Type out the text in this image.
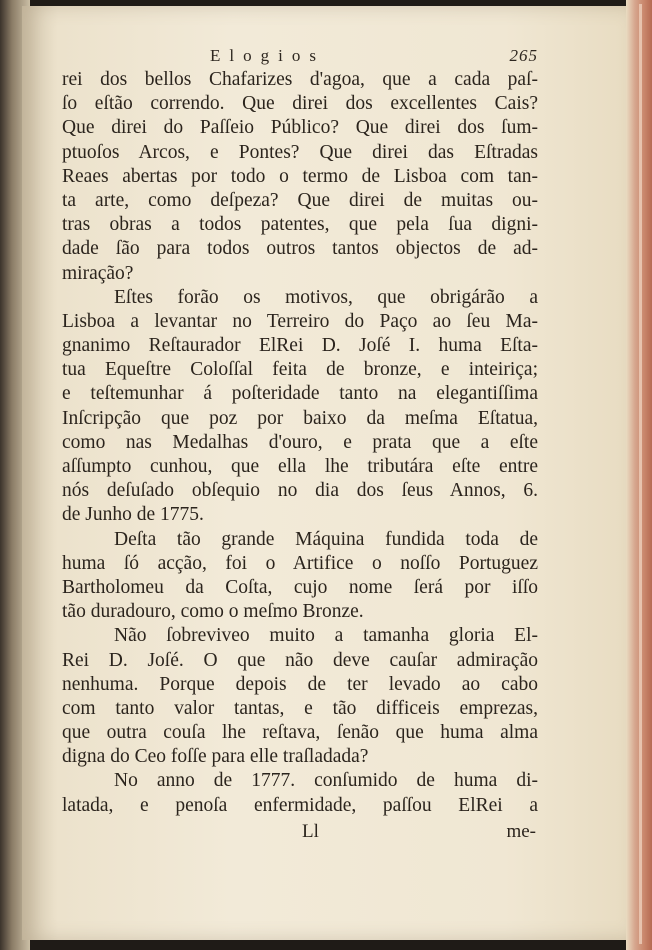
Elogios	265
rei dos bellos Chafarizes d'agoa, que a cada paſ-
ſo eſtão correndo. Que direi dos excellentes Cais?
Que direi do Paſſeio Público? Que direi dos ſum-
ptuoſos Arcos, e Pontes? Que direi das Eſtradas
Reaes abertas por todo o termo de Lisboa com tan-
ta arte, como deſpeza? Que direi de muitas ou-
tras obras a todos patentes, que pela ſua digni-
dade ſão para todos outros tantos objectos de ad-
miração?
Eſtes forão os motivos, que obrigárão a
Lisboa a levantar no Terreiro do Paço ao ſeu Ma-
gnanimo Reſtaurador ElRei D. Joſé I. huma Eſta-
tua Equeſtre Coloſſal feita de bronze, e inteiriça;
e teſtemunhar á poſteridade tanto na elegantiſſima
Inſcripção que poz por baixo da meſma Eſtatua,
como nas Medalhas d'ouro, e prata que a eſte
aſſumpto cunhou, que ella lhe tributára eſte entre
nós deſuſado obſequio no dia dos ſeus Annos, 6.
de Junho de 1775.
Deſta tão grande Máquina fundida toda de
huma ſó acção, foi o Artifice o noſſo Portuguez
Bartholomeu da Coſta, cujo nome ſerá por iſſo
tão duradouro, como o meſmo Bronze.
Não ſobreviveo muito a tamanha gloria El-
Rei D. Joſé. O que não deve cauſar admiração
nenhuma. Porque depois de ter levado ao cabo
com tanto valor tantas, e tão difficeis emprezas,
que outra couſa lhe reſtava, ſenão que huma alma
digna do Ceo foſſe para elle traſladada?
No anno de 1777. conſumido de huma di-
latada, e penoſa enfermidade, paſſou ElRei a
Ll	me-
